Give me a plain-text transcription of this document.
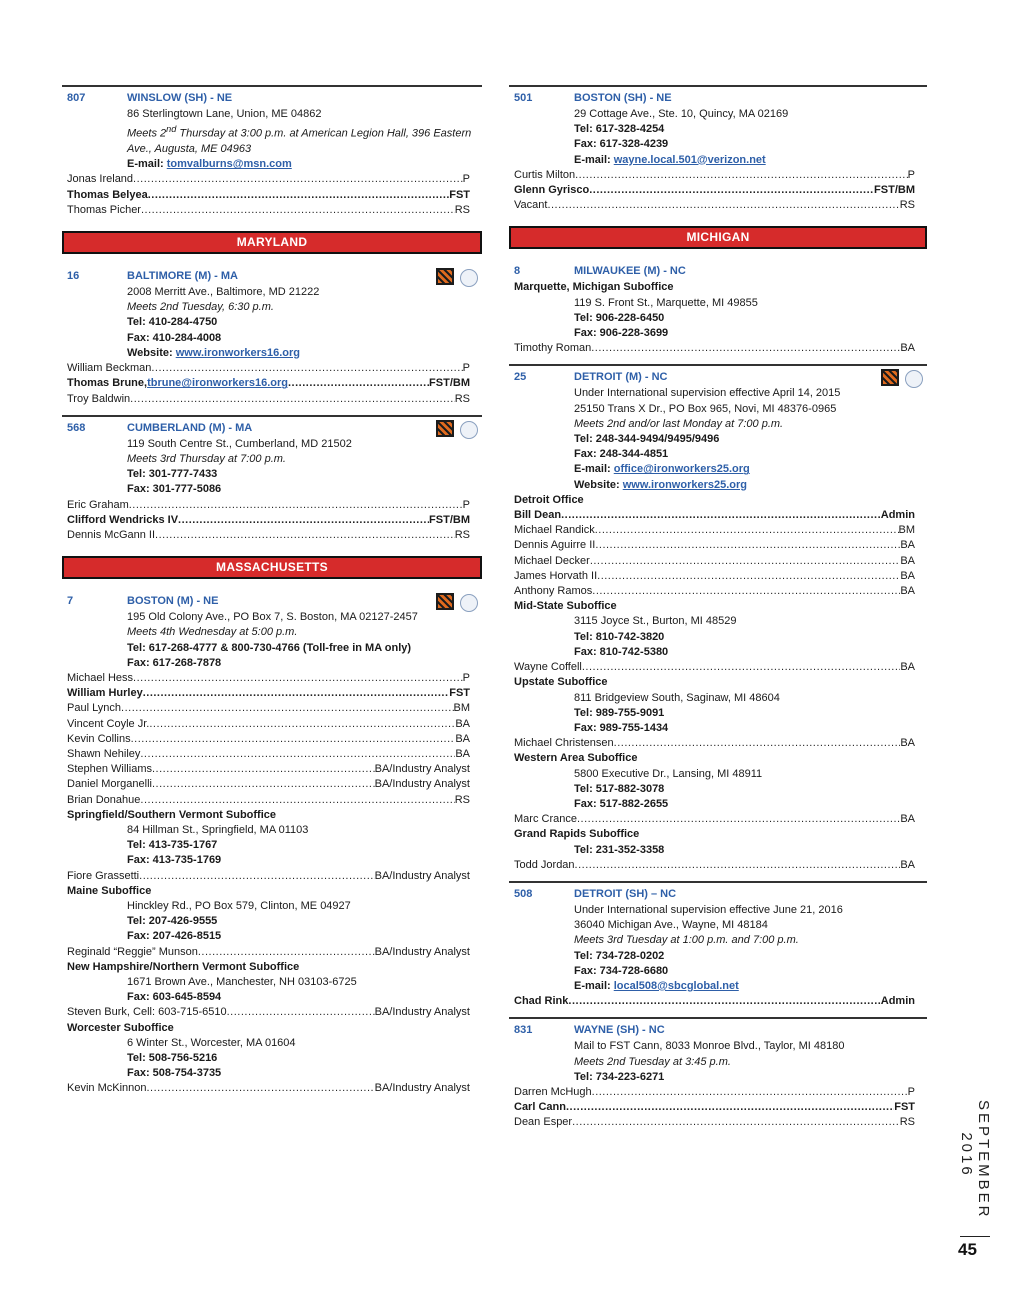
807	WINSLOW (SH) - NE
86 Sterlingtown Lane, Union, ME 04862
Meets 2nd Thursday at 3:00 p.m. at American Legion Hall, 396 Eastern Ave., Augusta, ME 04963
E-mail: tomvalburns@msn.com
Jonas Ireland .....	P
Thomas Belyea .....	FST
Thomas Picher .....	RS
MARYLAND
16	BALTIMORE (M) - MA
2008 Merritt Ave., Baltimore, MD 21222
Meets 2nd Tuesday, 6:30 p.m.
Tel: 410-284-4750
Fax: 410-284-4008
Website: www.ironworkers16.org
William Beckman .....	P
Thomas Brune, tbrune@ironworkers16.org .....	FST/BM
Troy Baldwin .....	RS
568	CUMBERLAND (M) - MA
119 South Centre St., Cumberland, MD 21502
Meets 3rd Thursday at 7:00 p.m.
Tel: 301-777-7433
Fax: 301-777-5086
Eric Graham .....	P
Clifford Wendricks IV .....	FST/BM
Dennis McGann II .....	RS
MASSACHUSETTS
7	BOSTON (M) - NE
195 Old Colony Ave., PO Box 7, S. Boston, MA 02127-2457
Meets 4th Wednesday at 5:00 p.m.
Tel: 617-268-4777 & 800-730-4766 (Toll-free in MA only)
Fax: 617-268-7878
Michael Hess .....	P
William Hurley .....	FST
Paul Lynch .....	BM
Vincent Coyle Jr. .....	BA
Kevin Collins .....	BA
Shawn Nehiley .....	BA
Stephen Williams .....	BA/Industry Analyst
Daniel Morganelli .....	BA/Industry Analyst
Brian Donahue .....	RS
Springfield/Southern Vermont Suboffice
84 Hillman St., Springfield, MA 01103
Tel: 413-735-1767
Fax: 413-735-1769
Fiore Grassetti .....	BA/Industry Analyst
Maine Suboffice
Hinckley Rd., PO Box 579, Clinton, ME 04927
Tel: 207-426-9555
Fax: 207-426-8515
Reginald “Reggie” Munson .....	BA/Industry Analyst
New Hampshire/Northern Vermont Suboffice
1671 Brown Ave., Manchester, NH 03103-6725
Fax: 603-645-8594
Steven Burk, Cell: 603-715-6510 .....	BA/Industry Analyst
Worcester Suboffice
6 Winter St., Worcester, MA 01604
Tel: 508-756-5216
Fax: 508-754-3735
Kevin McKinnon .....	BA/Industry Analyst
501	BOSTON (SH) - NE
29 Cottage Ave., Ste. 10, Quincy, MA 02169
Tel: 617-328-4254
Fax: 617-328-4239
E-mail: wayne.local.501@verizon.net
Curtis Milton .....	P
Glenn Gyrisco .....	FST/BM
Vacant .....	RS
MICHIGAN
8	MILWAUKEE (M) - NC
Marquette, Michigan Suboffice
119 S. Front St., Marquette, MI 49855
Tel: 906-228-6450
Fax: 906-228-3699
Timothy Roman .....	BA
25	DETROIT (M) - NC
Under International supervision effective April 14, 2015
25150 Trans X Dr., PO Box 965, Novi, MI 48376-0965
Meets 2nd and/or last Monday at 7:00 p.m.
Tel: 248-344-9494/9495/9496
Fax: 248-344-4851
E-mail: office@ironworkers25.org
Website: www.ironworkers25.org
Detroit Office
Bill Dean .....	Admin
Michael Randick .....	BM
Dennis Aguirre II .....	BA
Michael Decker .....	BA
James Horvath II .....	BA
Anthony Ramos .....	BA
Mid-State Suboffice
3115 Joyce St., Burton, MI 48529
Tel: 810-742-3820
Fax: 810-742-5380
Wayne Coffell .....	BA
Upstate Suboffice
811 Bridgeview South, Saginaw, MI 48604
Tel: 989-755-9091
Fax: 989-755-1434
Michael Christensen .....	BA
Western Area Suboffice
5800 Executive Dr., Lansing, MI 48911
Tel: 517-882-3078
Fax: 517-882-2655
Marc Crance .....	BA
Grand Rapids Suboffice
Tel: 231-352-3358
Todd Jordan .....	BA
508	DETROIT (SH) – NC
Under International supervision effective June 21, 2016
36040 Michigan Ave., Wayne, MI 48184
Meets 3rd Tuesday at 1:00 p.m. and 7:00 p.m.
Tel: 734-728-0202
Fax: 734-728-6680
E-mail: local508@sbcglobal.net
Chad Rink .....	Admin
831	WAYNE (SH) - NC
Mail to FST Cann, 8033 Monroe Blvd., Taylor, MI 48180
Meets 2nd Tuesday at 3:45 p.m.
Tel: 734-223-6271
Darren McHugh .....	P
Carl Cann .....	FST
Dean Esper .....	RS	SEPTEMBER 2016
45
